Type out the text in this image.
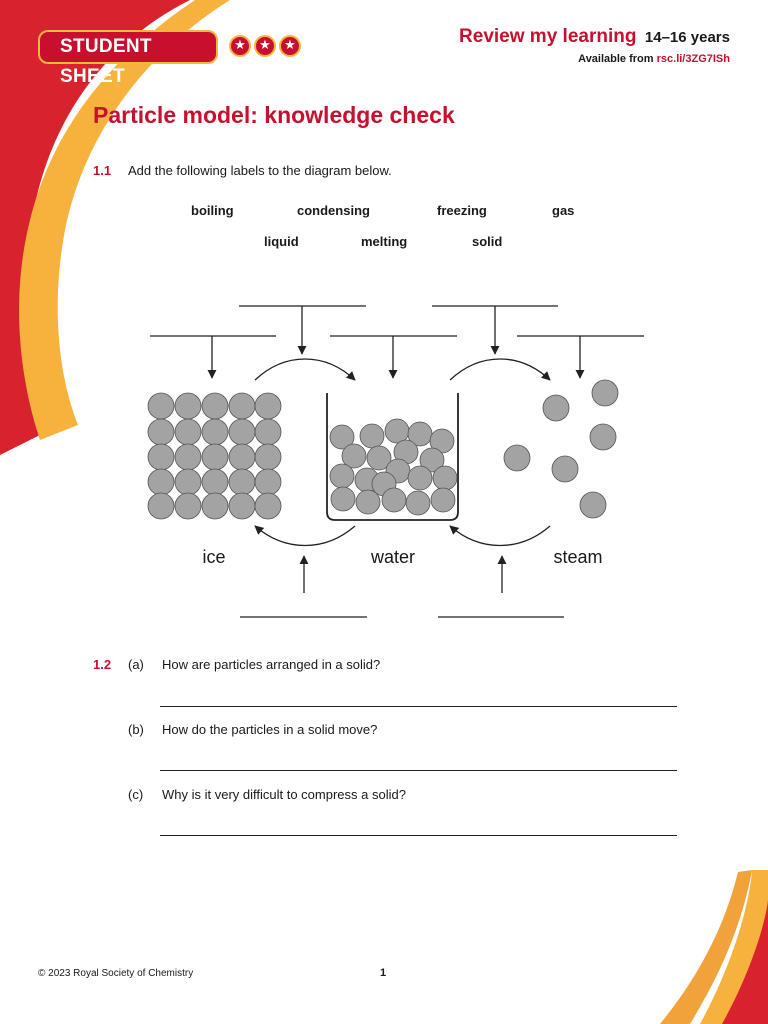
STUDENT SHEET
★	★	★	Review my learning 14–16 years
Available from rsc.li/3ZG7ISh
Particle model: knowledge check
1.1 Add the following labels to the diagram below.
boiling	condensing	freezing	gas
liquid	melting	solid
ice	water	steam
1.2 (a) How are particles arranged in a solid?
(b) How do the particles in a solid move?
(c) Why is it very difficult to compress a solid?
© 2023 Royal Society of Chemistry	1
